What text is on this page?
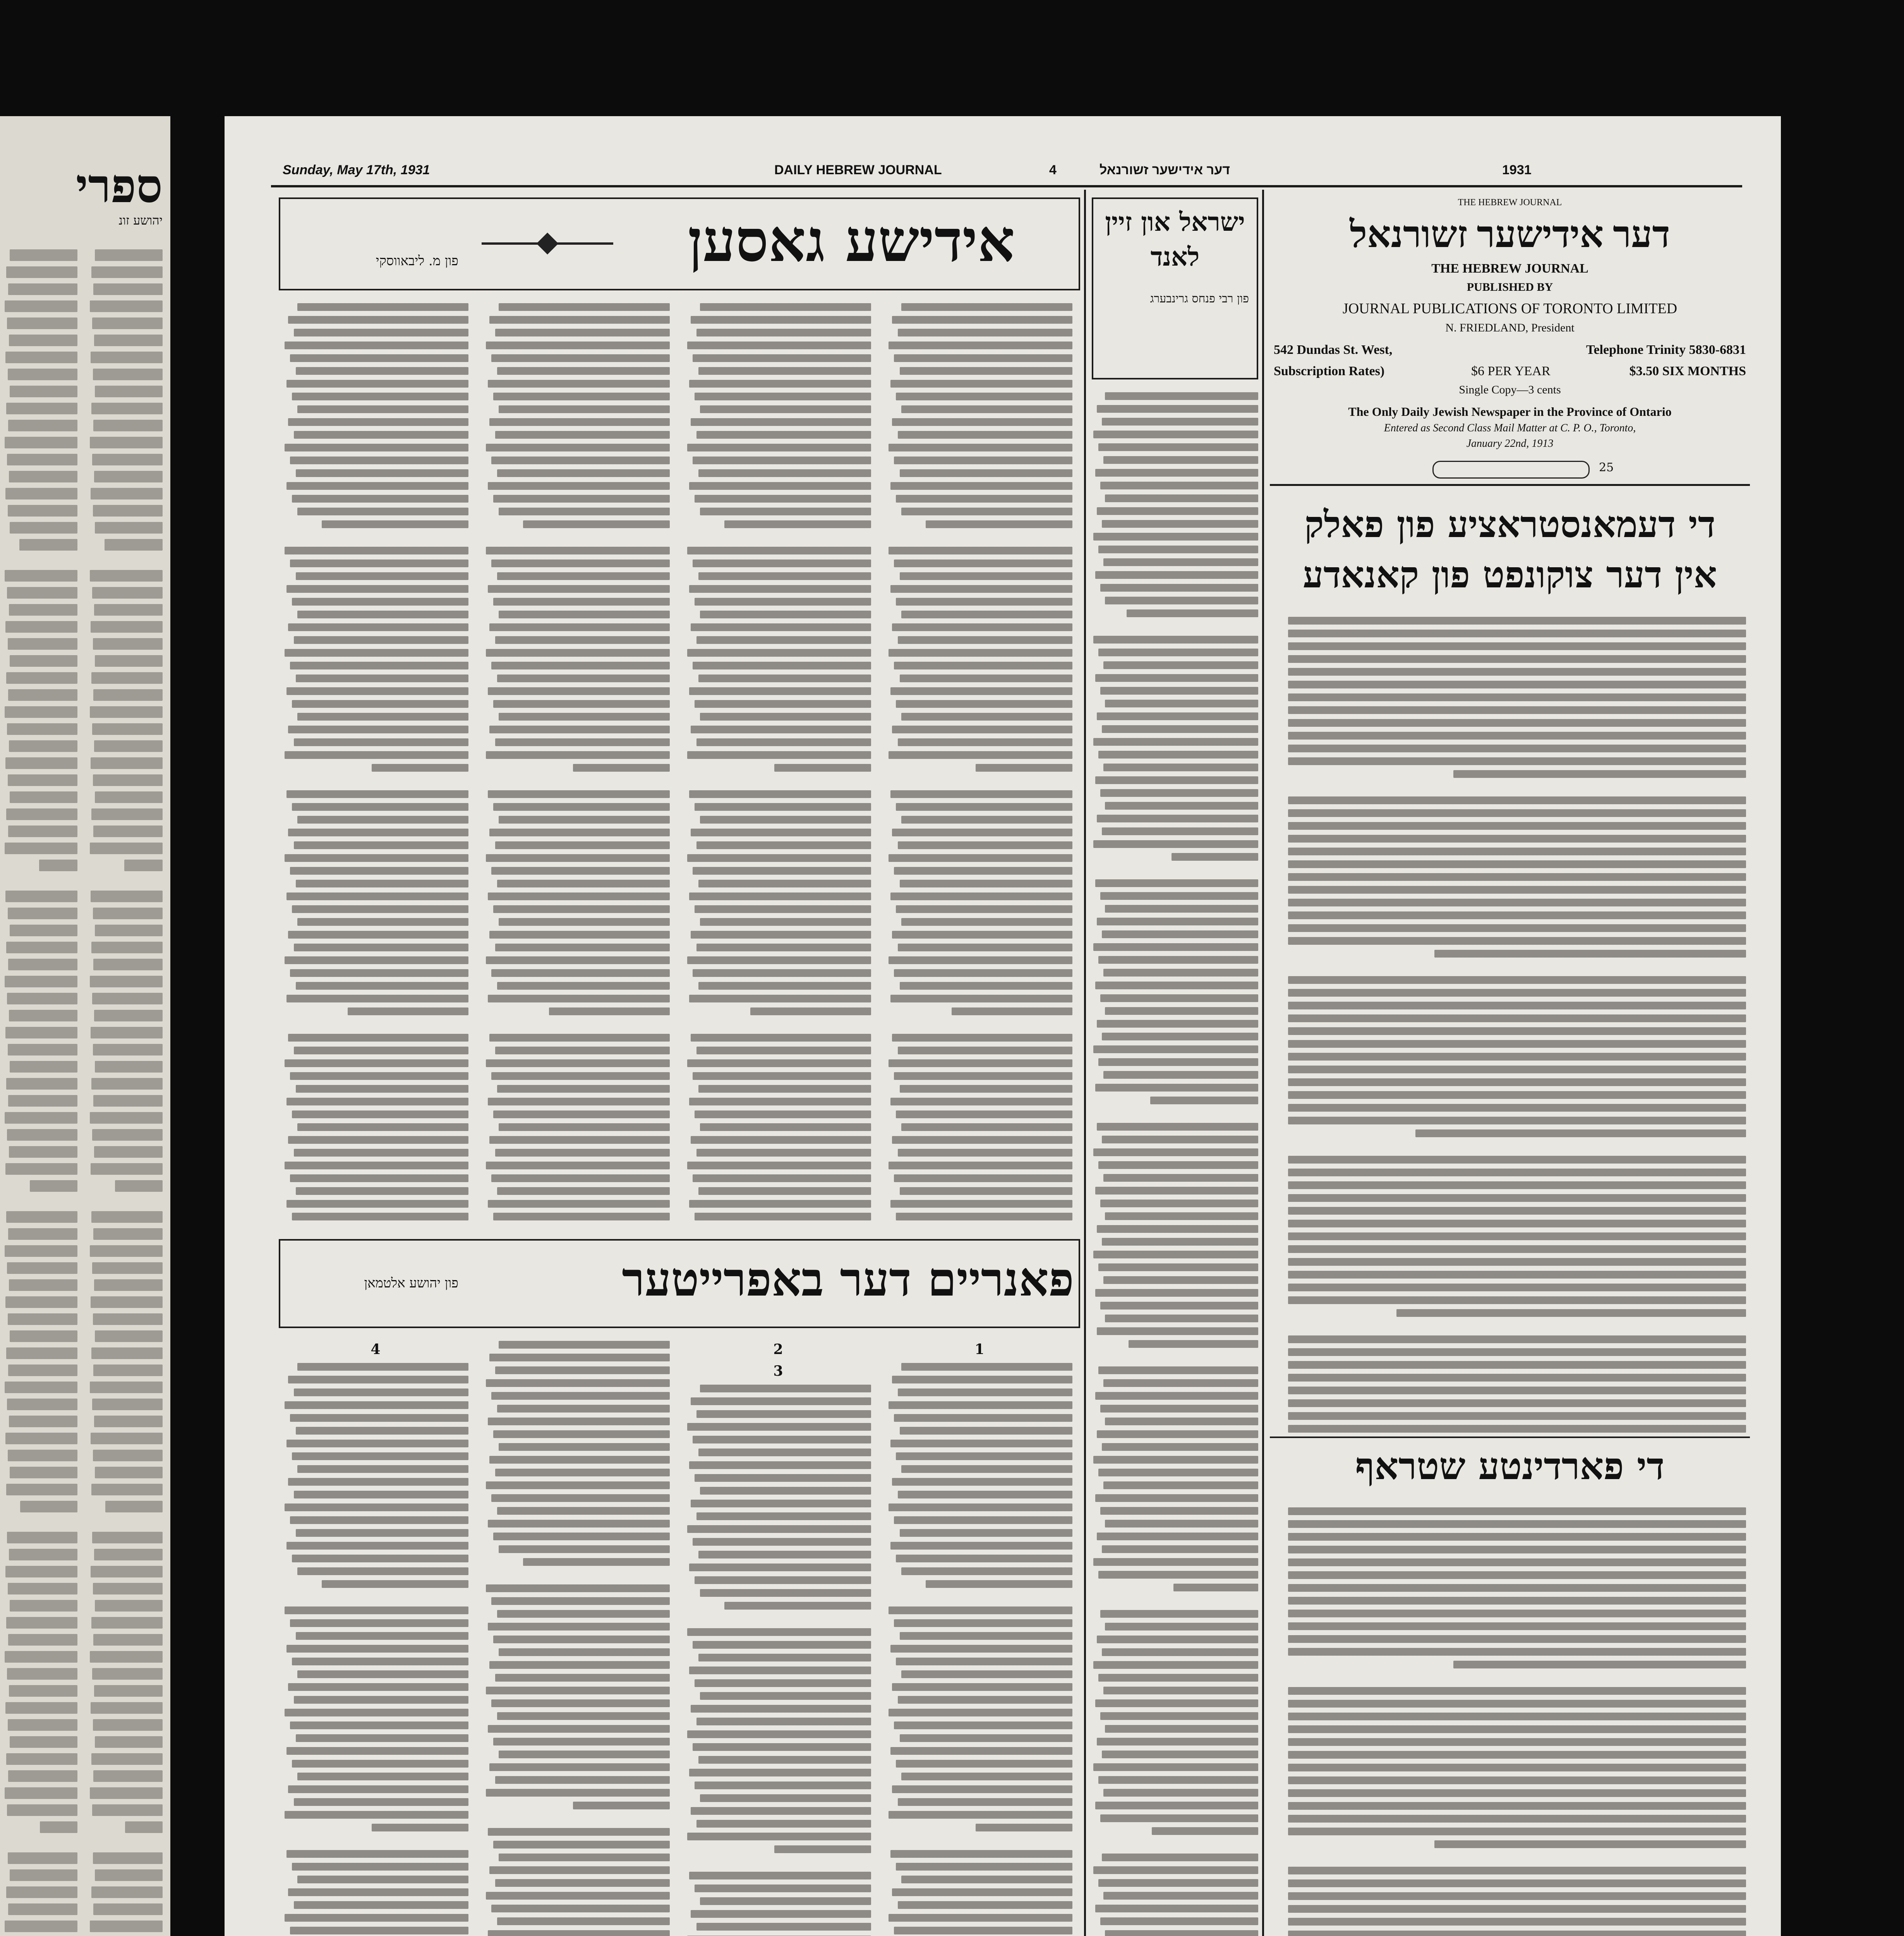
ספרי
יהושע זונ
Sunday, May 17th, 1931	DAILY HEBREW JOURNAL	4	דער אידישער זשורנאל	1931
THE HEBREW JOURNAL
דער אידישער זשורנאל
THE HEBREW JOURNAL
PUBLISHED BY
JOURNAL PUBLICATIONS OF TORONTO LIMITED
N. FRIEDLAND, President
542 Dundas St. West,	Telephone Trinity 5830-6831
Subscription Rates)	$6 PER YEAR	$3.50 SIX MONTHS
Single Copy—3 cents
The Only Daily Jewish Newspaper in the Province of Ontario
Entered as Second Class Mail Matter at C. P. O., Toronto,
January 22nd, 1913
25
די דעמאנסטראציע פון פאלק
אין דער צוקונפט פון קאנאדע
די פארדינטע שטראף
ישראל און זיין
לאנד
פון רבי פנחס גרינבערג
אידישע גאסען
פון מ. ליבאווסקי
פאנריים דער באפרייטער
פון יהושע אלטמאן
4	2
3
1
